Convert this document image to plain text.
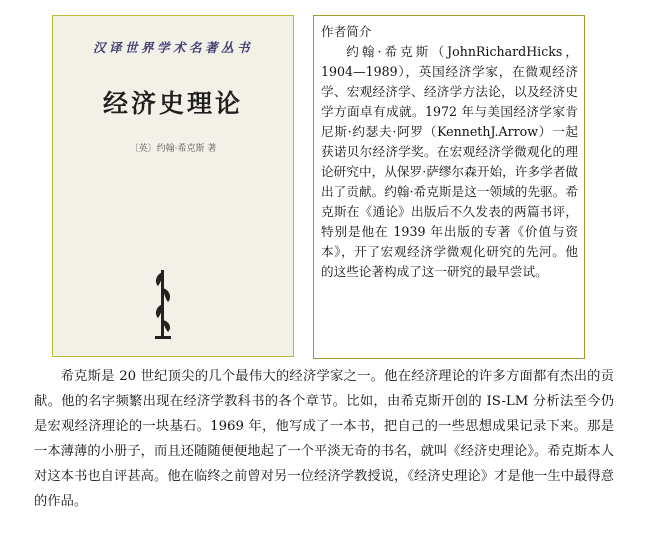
汉译世界学术名著丛书
经济史理论
〔英〕约翰·希克斯 著

作者简介

约翰·希克斯（JohnRichardHicks，1904—1989），英国经济学家，在微观经济学、宏观经济学、经济学方法论，以及经济史学方面卓有成就。1972 年与美国经济学家肯尼斯·约瑟夫·阿罗（KennethJ.Arrow）一起获诺贝尔经济学奖。在宏观经济学微观化的理论研究中，从保罗·萨缪尔森开始，许多学者做出了贡献。约翰·希克斯是这一领域的先驱。希克斯在《通论》出版后不久发表的两篇书评，特别是他在 1939 年出版的专著《价值与资本》，开了宏观经济学微观化研究的先河。他的这些论著构成了这一研究的最早尝试。

希克斯是 20 世纪顶尖的几个最伟大的经济学家之一。他在经济理论的许多方面都有杰出的贡献。他的名字频繁出现在经济学教科书的各个章节。比如，由希克斯开创的 IS-LM 分析法至今仍是宏观经济理论的一块基石。1969 年，他写成了一本书，把自己的一些思想成果记录下来。那是一本薄薄的小册子，而且还随随便便地起了一个平淡无奇的书名，就叫《经济史理论》。希克斯本人对这本书也自评甚高。他在临终之前曾对另一位经济学教授说，《经济史理论》才是他一生中最得意的作品。
